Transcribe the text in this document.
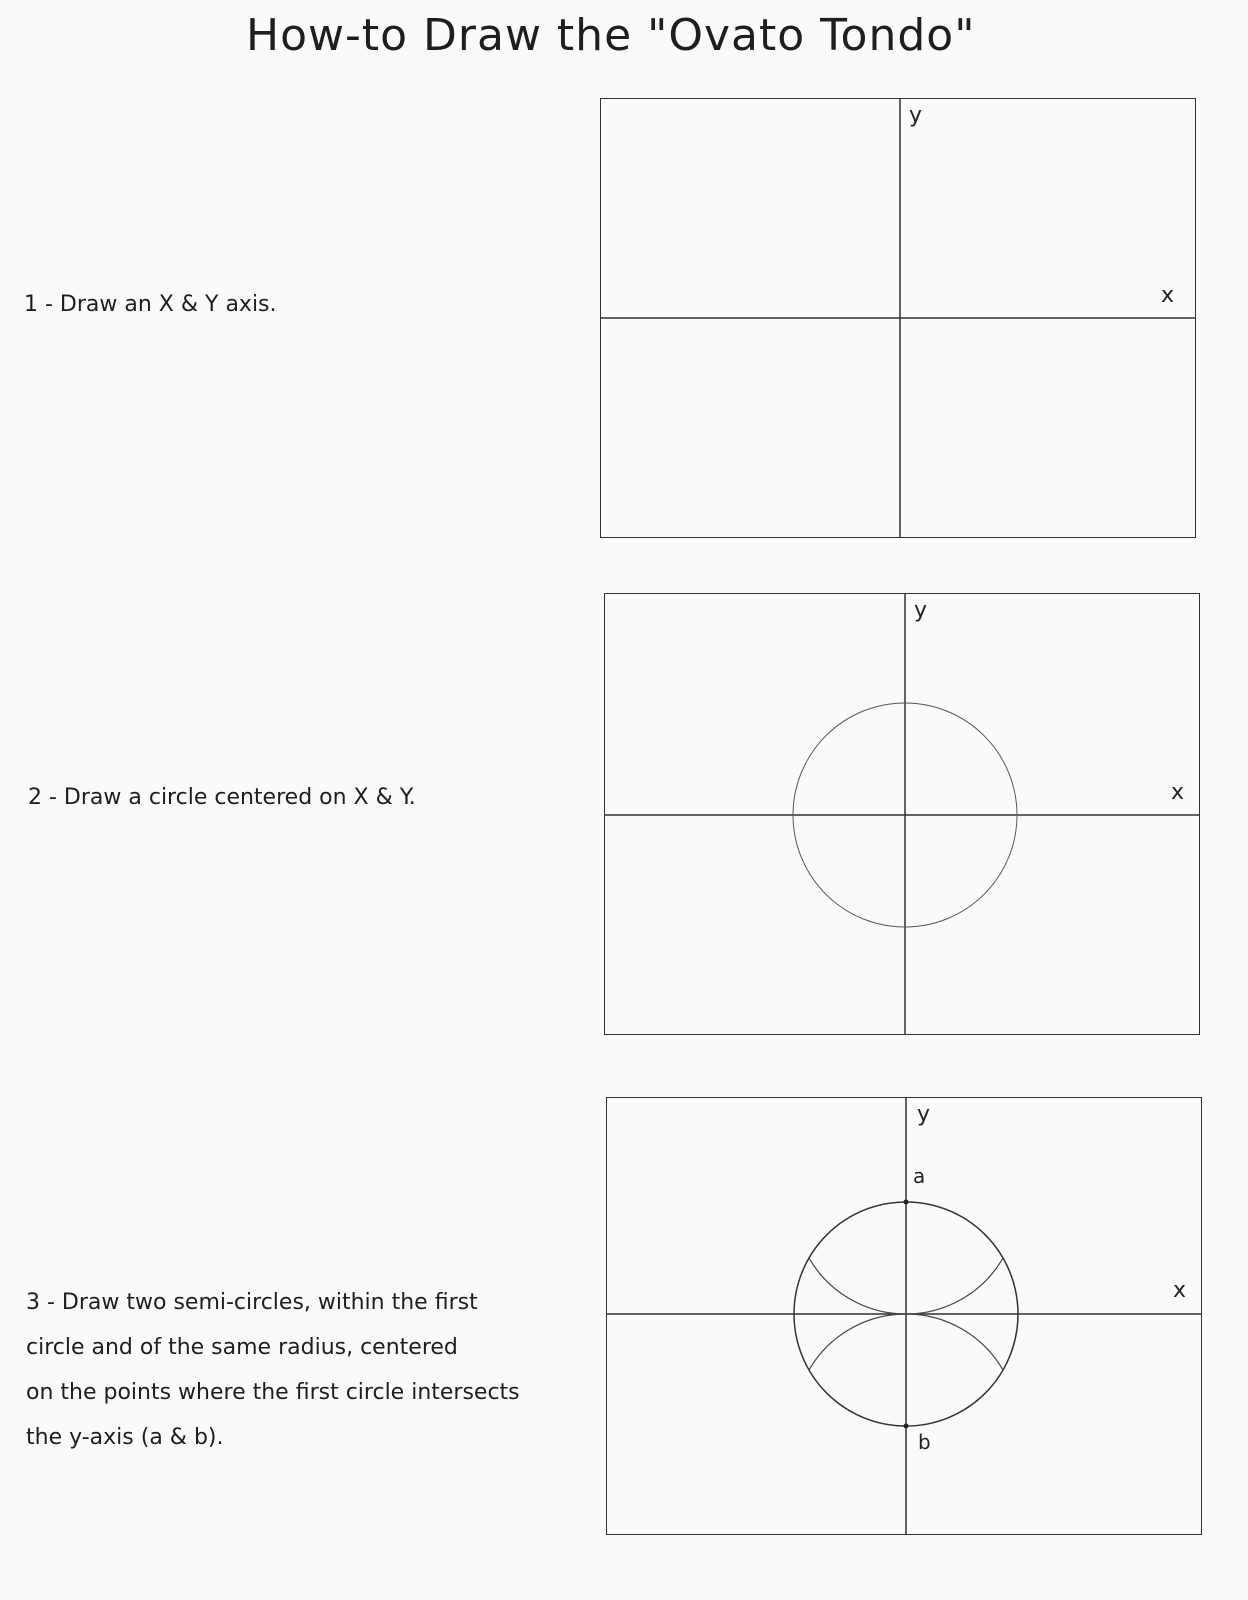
How-to Draw the "Ovato Tondo"
1 - Draw an X & Y axis.
y
x
2 - Draw a circle centered on X & Y.
y
x
3 - Draw two semi-circles, within the first
circle and of the same radius, centered
on the points where the first circle intersects
the y-axis (a & b).
y
x
a
b
